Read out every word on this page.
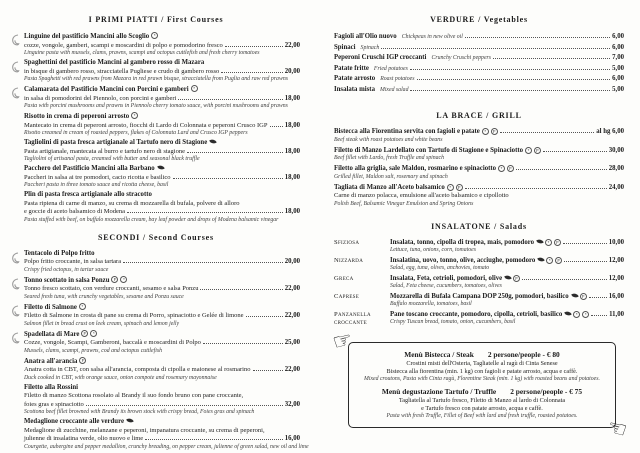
I PRIMI PIATTI / First Courses
Linguine del pastificio Mancini allo Scoglio *
cozze, vongole, gamberi, scampi e moscardini di polpo e pomodorino fresco	22,00
Linguine pasta with mussels, clams, prawns, scampi and octopus cuttlefish and fresh cherry tomatoes
Spaghettini del pastificio Mancini al gambero rosso di Mazara
in bisque di gambero rosso, stracciatella Pugliese e crudo di gambero rosso	20,00
Pasta Spaghetti with red prawns from Mazara in red prawn bisque, stracciatella from Puglia and raw red prawns
Calamarata del Pastificio Mancini con Porcini e gamberi *
in salsa di pomodorini del Piennolo, con porcini e gamberi	18,00
Pasta with porcini mushrooms and prawns in Piennolo cherry tomato sauce, with porcini mushrooms and prawns
Risotto in crema di peperoni arrosto *
Mantecato in crema di peperoni arrosto, fiocchi di Lardo di Colonnata e peperoni Crusco IGP	18,00
Risotto creamed in cream of roasted peppers, flakes of Colonnata Lard and Crusco IGP peppers
Tagliolini di pasta fresca artigianale al Tartufo nero di Stagione
Pasta artigianale, mantecata al burro e tartufo nero di stagione	18,00
Tagliolini of artisanal pasta, creamed with butter and seasonal black truffle
Pacchero del Pastificio Mancini alla Barbano
Paccheri in salsa ai tre pomodori, cacio ricotta e basilico	18,00
Paccheri pasta in three tomato sauce and ricotta cheese, basil
Plin di pasta fresca artigianale allo stracotto
Pasta ripiena di carne di manzo, su crema di mozzarella di bufala, polvere di alloro
e goccie di aceto balsamico di Modena	18,00
Pasta stuffed with beef, on buffalo mozzarella cream, bay leaf powder and drops of Modena balsamic vinegar
SECONDI / Second Courses
Tentacolo di Polpo fritto
Polpo fritto croccante, in salsa tartara	20,00
Crispy fried octopus, in tartar sauce
Tonno scottato in salsa Ponzu F *
Tonno fresco scottato, con verdure croccanti, sesamo e salsa Ponzu	22,00
Seared fresh tuna, with crunchy vegetables, sesame and Ponzu sauce
Filetto di Salmone *
Filetto di Salmone in crosta di pane su crema di Porro, spinaciotto e Gelée di limone	22,00
Salmon fillet in bread crust on leek cream, spinach and lemon jelly
Spadellata di Mare F *
Cozze, vongole, Scampi, Gamberoni, baccalà e moscardini di Polpo	25,00
Mussels, clams, scampi, prawns, cod and octopus cuttlefish
Anatra all'arancia F
Anatra cotta in CBT, con salsa all'arancia, composta di cipolla e maionese al rosmarino	22,00
Duck cooked in CBT, with orange sauce, onion compote and rosemary mayonnaise
Filetto alla Rossini
Filetto di manzo Scottona rosolato al Brandy il suo fondo bruno con pane croccante,
foies gras e spinaciotto	32,00
Scottona beef fillet browned with Brandy its brown stock with crispy bread, Foies gras and spinach
Medaglione croccante alle verdure
Medaglione di zucchine, melanzane e peperoni, impanatura croccante, su crema di peperoni,
julienne di insalatina verde, olio nuovo e lime	16,00
Courgette, aubergine and pepper medallion, crunchy breading, on pepper cream, julienne of green salad, new oil and lime
VERDURE / Vegetables
Fagioli all'Olio nuovo Chickpeas in new olive oil	6,00
Spinaci Spinach	6,00
Peperoni Cruschi IGP croccanti Crunchy Cruschi peppers	7,00
Patate fritte Fried potatoes	5,00
Patate arrosto Roast potatoes	6,00
Insalata mista Mixed salad	5,00
LA BRACE / GRILL
Bistecca alla Fiorentina servita con fagioli e patate	*	F	al hg 6,00
Beef steak with roast potatoes and white beans
Filetto di Manzo Lardellato con Tartufo di Stagione e Spinaciotto	*	F	30,00
Beef fillet with Lardo, fresh Truffle and spinach
Filetto alla griglia, sale Maldon, rosmarino e spinaciotto	*	F	28,00
Grilled fillet, Maldon salt, rosemary and spinach
Tagliata di Manzo all'Aceto balsamico	*	F	24,00
Carne di manzo polacca, emulsione all'aceto balsamico e cipollotto
Polish Beef, Balsamic Vinegar Emulsion and Spring Onions
INSALATONE / Salads
Sfiziosa	Insalata, tonno, cipolla di tropea, mais, pomodoro	*	F	10,00
Lettuce, tuna, onions, corn, tomatoes
Nizzarda	Insalatina, uovo, tonno, olive, acciughe, pomodoro	*	F	12,00
Salad, egg, tuna, olives, anchovies, tomato
Greca	Insalata, Feta, cetrioli, pomodori, olive	F	12,00
Salad, Feta cheese, cucumbers, tomatoes, olives
Caprese	Mozzarella di Bufala Campana DOP 250g, pomodori, basilico	F	16,00
Buffalo mozzarella, tomatoes, basil
Panzanella croccante
Pane toscano croccante, pomodoro, cipolla, cetrioli, basilico	*	*	11,00
Crispy Tuscan bread, tomato, onion, cucumbers, basil
☞
☜
Menù Bistecca / Steak 2 persone/people - € 80
Crostini misti dell'Osteria, Tagliatelle al ragù di Cinta Senese
Bistecca alla fiorentina (min. 1 kg) con fagioli e patate arrosto, acqua e caffè.
Mixed croutons, Pasta with Cinta ragù, Florentine Steak (min. 1 kg) with roasted beans and potatoes.
Menù degustazione Tartufo / Truffle 2 persone/people - € 75
Tagliatella al Tartufo fresco, Filetto di Manzo al lardo di Colonnata
e Tartufo fresco con patate arrosto, acqua e caffè.
Pasta with fresh Truffle, Fillet of Beef with lard and fresh truffle, roasted potatoes.
